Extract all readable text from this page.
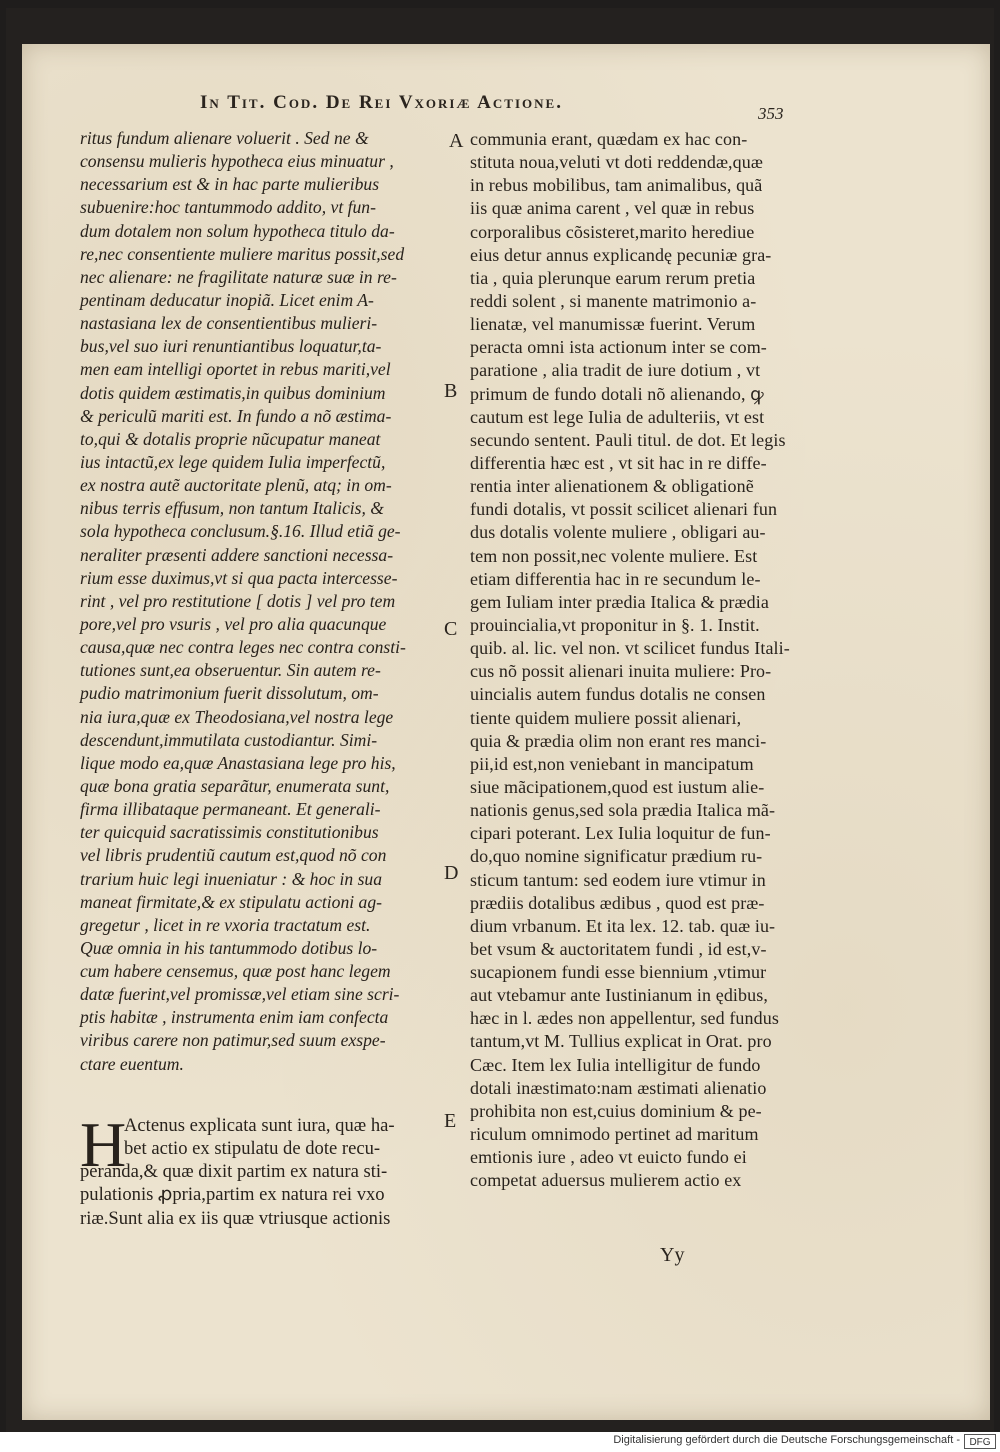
In Tit. Cod. De Rei Vxoriæ Actione.
353
ritus fundum alienare voluerit . Sed ne &
consensu mulieris hypotheca eius minuatur ,
necessarium est & in hac parte mulieribus
subuenire:hoc tantummodo addito, vt fun-
dum dotalem non solum hypotheca titulo da-
re,nec consentiente muliere maritus possit,sed
nec alienare: ne fragilitate naturæ suæ in re-
pentinam deducatur inopiã. Licet enim A-
nastasiana lex de consentientibus mulieri-
bus,vel suo iuri renuntiantibus loquatur,ta-
men eam intelligi oportet in rebus mariti,vel
dotis quidem æstimatis,in quibus dominium
& periculũ mariti est. In fundo a nõ æstima-
to,qui & dotalis proprie nũcupatur maneat
ius intactũ,ex lege quidem Iulia imperfectũ,
ex nostra autẽ auctoritate plenũ, atq; in om-
nibus terris effusum, non tantum Italicis, &
sola hypotheca conclusum.§.16. Illud etiã ge-
neraliter præsenti addere sanctioni necessa-
rium esse duximus,vt si qua pacta intercesse-
rint , vel pro restitutione [ dotis ] vel pro tem
pore,vel pro vsuris , vel pro alia quacunque
causa,quæ nec contra leges nec contra consti-
tutiones sunt,ea obseruentur. Sin autem re-
pudio matrimonium fuerit dissolutum, om-
nia iura,quæ ex Theodosiana,vel nostra lege
descendunt,immutilata custodiantur. Simi-
lique modo ea,quæ Anastasiana lege pro his,
quæ bona gratia separãtur, enumerata sunt,
firma illibataque permaneant. Et generali-
ter quicquid sacratissimis constitutionibus
vel libris prudentiũ cautum est,quod nõ con
trarium huic legi inueniatur : & hoc in sua
maneat firmitate,& ex stipulatu actioni ag-
gregetur , licet in re vxoria tractatum est.
Quæ omnia in his tantummodo dotibus lo-
cum habere censemus, quæ post hanc legem
datæ fuerint,vel promissæ,vel etiam sine scri-
ptis habitæ , instrumenta enim iam confecta
viribus carere non patimur,sed suum exspe-
ctare euentum.
H
Actenus explicata sunt iura, quæ ha-
bet actio ex stipulatu de dote recu-
peranda,& quæ dixit partim ex natura sti-
pulationis ꝓpria,partim ex natura rei vxo
riæ.Sunt alia ex iis quæ vtriusque actionis
communia erant, quædam ex hac con-
stituta noua,veluti vt doti reddendæ,quæ
in rebus mobilibus, tam animalibus, quã
iis quæ anima carent , vel quæ in rebus
corporalibus cõsisteret,marito herediue
eius detur annus explicandę pecuniæ gra-
tia , quia plerunque earum rerum pretia
reddi solent , si manente matrimonio a-
lienatæ, vel manumissæ fuerint. Verum
peracta omni ista actionum inter se com-
paratione , alia tradit de iure dotium , vt
primum de fundo dotali nõ alienando, ꝙ
cautum est lege Iulia de adulteriis, vt est
secundo sentent. Pauli titul. de dot. Et legis
differentia hæc est , vt sit hac in re diffe-
rentia inter alienationem & obligationẽ
fundi dotalis, vt possit scilicet alienari fun
dus dotalis volente muliere , obligari au-
tem non possit,nec volente muliere. Est
etiam differentia hac in re secundum le-
gem Iuliam inter prædia Italica & prædia
prouincialia,vt proponitur in §. 1. Instit.
quib. al. lic. vel non. vt scilicet fundus Itali-
cus nõ possit alienari inuita muliere: Pro-
uincialis autem fundus dotalis ne consen
tiente quidem muliere possit alienari,
quia & prædia olim non erant res manci-
pii,id est,non veniebant in mancipatum
siue mãcipationem,quod est iustum alie-
nationis genus,sed sola prædia Italica mã-
cipari poterant. Lex Iulia loquitur de fun-
do,quo nomine significatur prædium ru-
sticum tantum: sed eodem iure vtimur in
prædiis dotalibus ædibus , quod est præ-
dium vrbanum. Et ita lex. 12. tab. quæ iu-
bet vsum & auctoritatem fundi , id est,v-
sucapionem fundi esse biennium ,vtimur
aut vtebamur ante Iustinianum in ędibus,
hæc in l. ædes non appellentur, sed fundus
tantum,vt M. Tullius explicat in Orat. pro
Cæc. Item lex Iulia intelligitur de fundo
dotali inæstimato:nam æstimati alienatio
prohibita non est,cuius dominium & pe-
riculum omnimodo pertinet ad maritum
emtionis iure , adeo vt euicto fundo ei
competat aduersus mulierem actio ex
A
B
C
D
E
Yy
Digitalisierung gefördert durch die Deutsche Forschungsgemeinschaft - DFG
